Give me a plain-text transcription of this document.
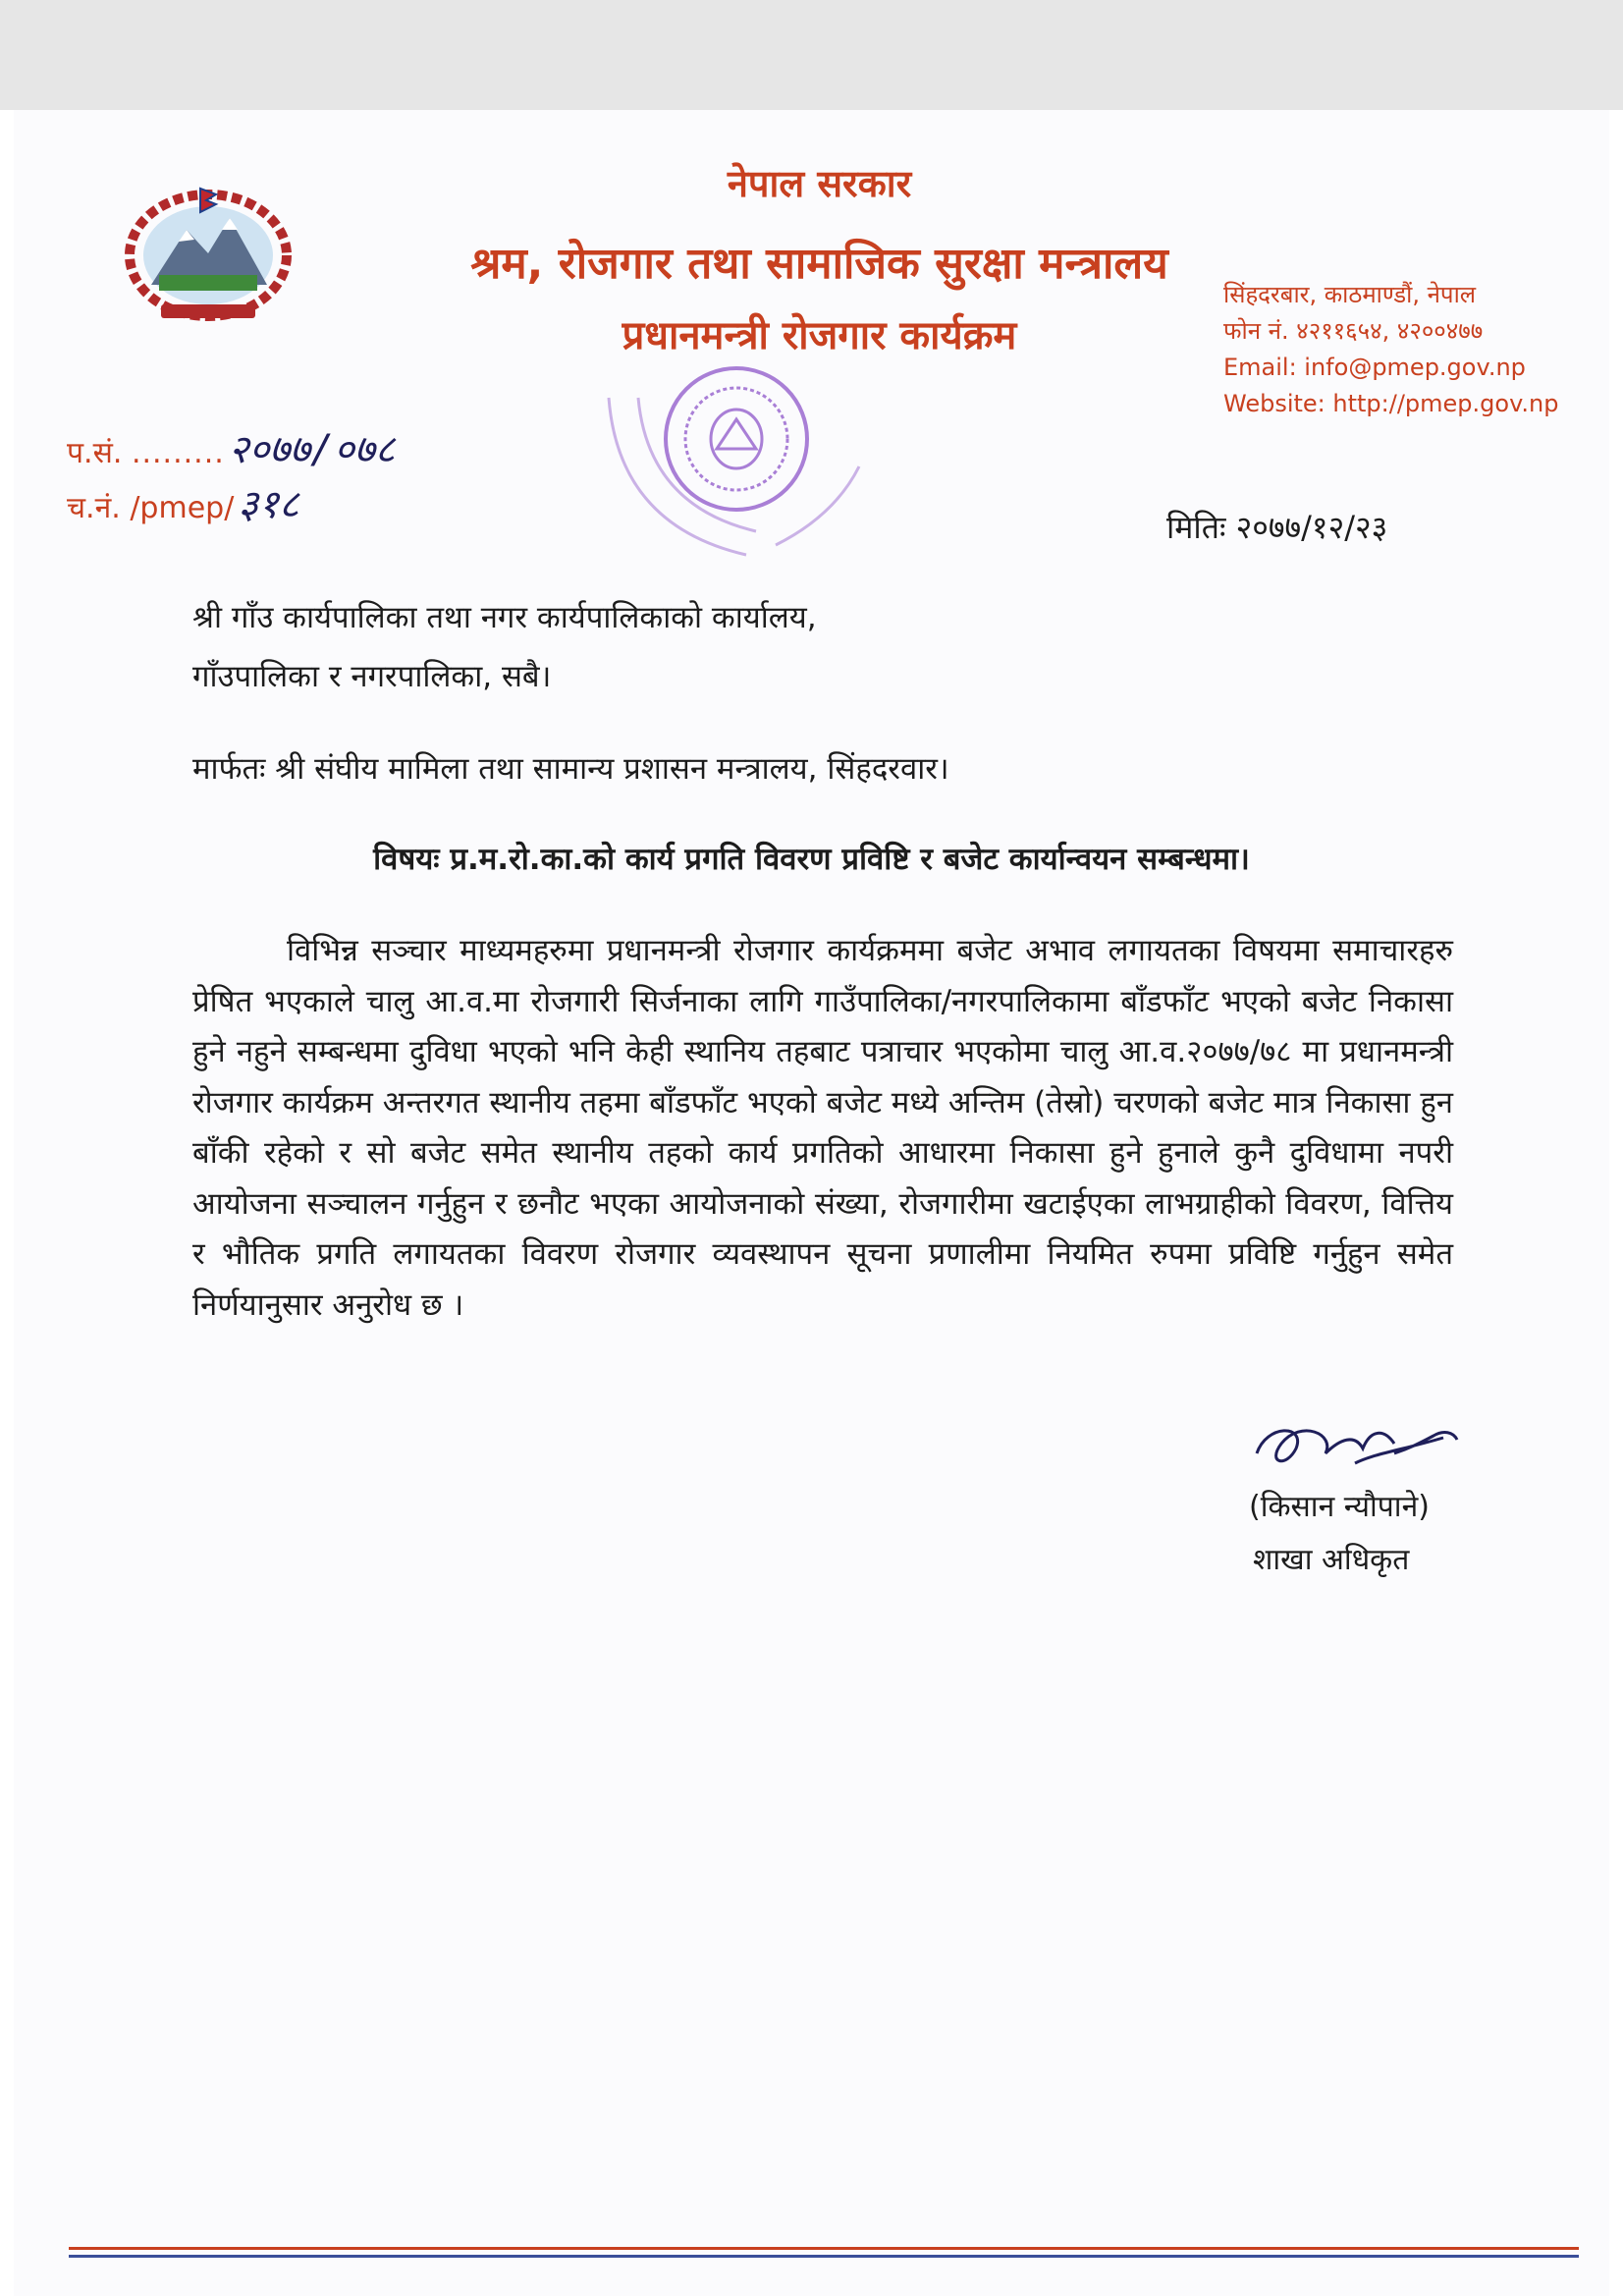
नेपाल सरकार
श्रम, रोजगार तथा सामाजिक सुरक्षा मन्त्रालय
प्रधानमन्त्री रोजगार कार्यक्रम
सिंहदरबार, काठमाण्डौं, नेपाल
फोन नं. ४२११६५४, ४२००४७७
Email: info@pmep.gov.np
Website: http://pmep.gov.np
प.सं. ......... २०७७/०७८
च.नं. /pmep/ ३१८	मितिः २०७७/१२/२३
श्री गाँउ कार्यपालिका तथा नगर कार्यपालिकाको कार्यालय,
गाँउपालिका र नगरपालिका, सबै।
मार्फतः श्री संघीय मामिला तथा सामान्य प्रशासन मन्त्रालय, सिंहदरवार।
विषयः प्र.म.रो.का.को कार्य प्रगति विवरण प्रविष्टि र बजेट कार्यान्वयन सम्बन्धमा।
विभिन्न सञ्चार माध्यमहरुमा प्रधानमन्त्री रोजगार कार्यक्रममा बजेट अभाव लगायतका विषयमा समाचारहरु प्रेषित भएकाले चालु आ.व.मा रोजगारी सिर्जनाका लागि गाउँपालिका/नगरपालिकामा बाँडफाँट भएको बजेट निकासा हुने नहुने सम्बन्धमा दुविधा भएको भनि केही स्थानिय तहबाट पत्राचार भएकोमा चालु आ.व.२०७७/७८ मा प्रधानमन्त्री रोजगार कार्यक्रम अन्तरगत स्थानीय तहमा बाँडफाँट भएको बजेट मध्ये अन्तिम (तेस्रो) चरणको बजेट मात्र निकासा हुन बाँकी रहेको र सो बजेट समेत स्थानीय तहको कार्य प्रगतिको आधारमा निकासा हुने हुनाले कुनै दुविधामा नपरी आयोजना सञ्चालन गर्नुहुन र छनौट भएका आयोजनाको संख्या, रोजगारीमा खटाईएका लाभग्राहीको विवरण, वित्तिय र भौतिक प्रगति लगायतका विवरण रोजगार व्यवस्थापन सूचना प्रणालीमा नियमित रुपमा प्रविष्टि गर्नुहुन समेत निर्णयानुसार अनुरोध छ ।
(किसान न्यौपाने)
शाखा अधिकृत
